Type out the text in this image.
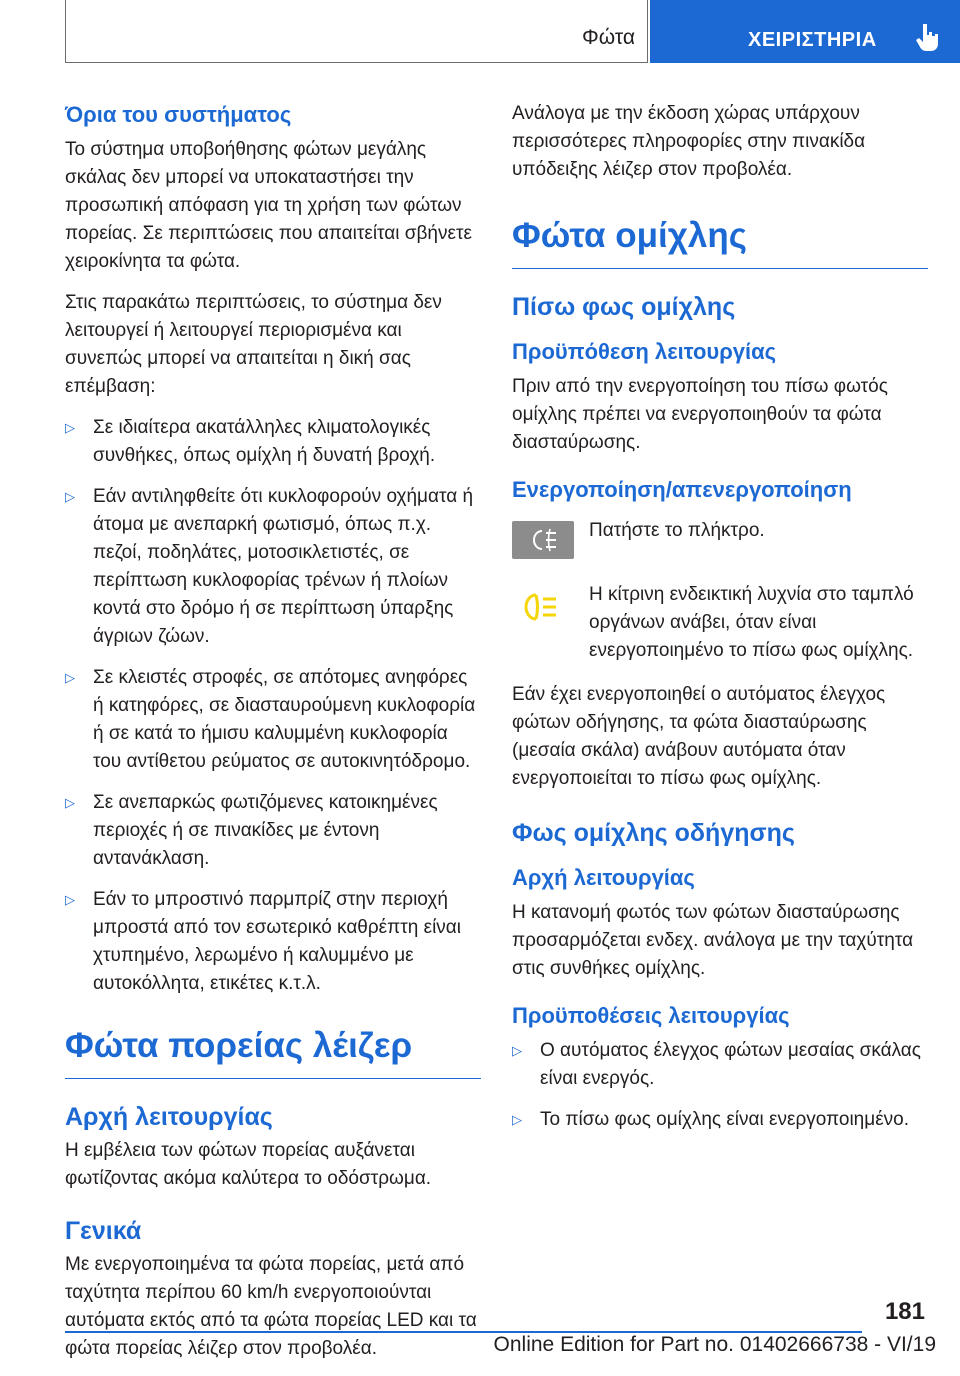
Φώτα	ΧΕΙΡΙΣΤΗΡΙΑ
Όρια του συστήματος

Το σύστημα υποβοήθησης φώτων μεγάλης σκάλας δεν μπορεί να υποκαταστήσει την προσωπική απόφαση για τη χρήση των φώτων πορείας. Σε περιπτώσεις που απαιτείται σβήνετε χειροκίνητα τα φώτα.

Στις παρακάτω περιπτώσεις, το σύστημα δεν λειτουργεί ή λειτουργεί περιορισμένα και συνεπώς μπορεί να απαιτείται η δική σας επέμβαση:

▷ Σε ιδιαίτερα ακατάλληλες κλιματολογικές συνθήκες, όπως ομίχλη ή δυνατή βροχή.
▷ Εάν αντιληφθείτε ότι κυκλοφορούν οχήματα ή άτομα με ανεπαρκή φωτισμό, όπως π.χ. πεζοί, ποδηλάτες, μοτοσικλετιστές, σε περίπτωση κυκλοφορίας τρένων ή πλοίων κοντά στο δρόμο ή σε περίπτωση ύπαρξης άγριων ζώων.
▷ Σε κλειστές στροφές, σε απότομες ανηφόρες ή κατηφόρες, σε διασταυρούμενη κυκλοφορία ή σε κατά το ήμισυ καλυμμένη κυκλοφορία του αντίθετου ρεύματος σε αυτοκινητόδρομο.
▷ Σε ανεπαρκώς φωτιζόμενες κατοικημένες περιοχές ή σε πινακίδες με έντονη αντανάκλαση.
▷ Εάν το μπροστινό παρμπρίζ στην περιοχή μπροστά από τον εσωτερικό καθρέπτη είναι χτυπημένο, λερωμένο ή καλυμμένο με αυτοκόλλητα, ετικέτες κ.τ.λ.
Φώτα πορείας λέιζερ
Αρχή λειτουργίας

Η εμβέλεια των φώτων πορείας αυξάνεται φωτίζοντας ακόμα καλύτερα το οδόστρωμα.

Γενικά

Με ενεργοποιημένα τα φώτα πορείας, μετά από ταχύτητα περίπου 60 km/h ενεργοποιούνται αυτόματα εκτός από τα φώτα πορείας LED και τα φώτα πορείας λέιζερ στον προβολέα.

Ανάλογα με την έκδοση χώρας υπάρχουν περισσότερες πληροφορίες στην πινακίδα υπόδειξης λέιζερ στον προβολέα.

Φώτα ομίχλης
Πίσω φως ομίχλης
Προϋπόθεση λειτουργίας

Πριν από την ενεργοποίηση του πίσω φωτός ομίχλης πρέπει να ενεργοποιηθούν τα φώτα διασταύρωσης.

Ενεργοποίηση/απενεργοποίηση

Πατήστε το πλήκτρο.

Η κίτρινη ενδεικτική λυχνία στο ταμπλό οργάνων ανάβει, όταν είναι ενεργοποιημένο το πίσω φως ομίχλης.

Εάν έχει ενεργοποιηθεί ο αυτόματος έλεγχος φώτων οδήγησης, τα φώτα διασταύρωσης (μεσαία σκάλα) ανάβουν αυτόματα όταν ενεργοποιείται το πίσω φως ομίχλης.

Φως ομίχλης οδήγησης
Αρχή λειτουργίας

Η κατανομή φωτός των φώτων διασταύρωσης προσαρμόζεται ενδεχ. ανάλογα με την ταχύτητα στις συνθήκες ομίχλης.

Προϋποθέσεις λειτουργίας
▷ Ο αυτόματος έλεγχος φώτων μεσαίας σκάλας είναι ενεργός.
▷ Το πίσω φως ομίχλης είναι ενεργοποιημένο.
181
Online Edition for Part no. 01402666738 - VI/19
